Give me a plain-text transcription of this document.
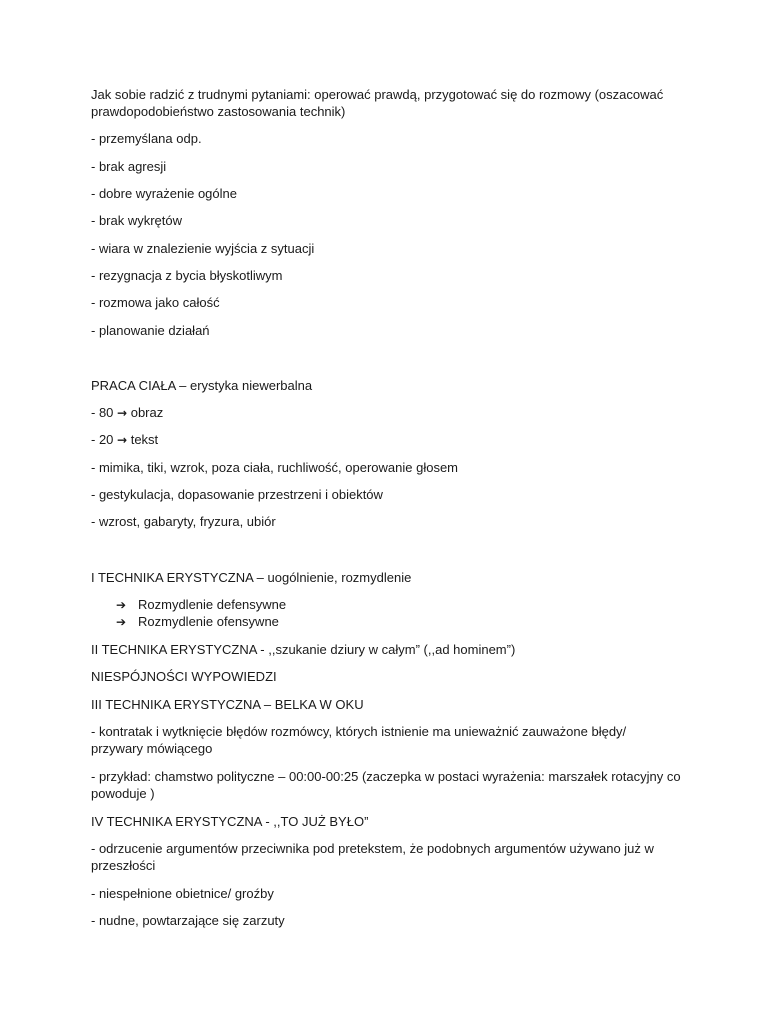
Jak sobie radzić z trudnymi pytaniami: operować prawdą, przygotować się do rozmowy (oszacować
prawdopodobieństwo zastosowania technik)
- przemyślana odp.
- brak agresji
- dobre wyrażenie ogólne
- brak wykrętów
- wiara w znalezienie wyjścia z sytuacji
- rezygnacja z bycia błyskotliwym
- rozmowa jako całość
- planowanie działań
PRACA CIAŁA – erystyka niewerbalna
- 80 → obraz
- 20 → tekst
- mimika, tiki, wzrok, poza ciała, ruchliwość, operowanie głosem
- gestykulacja, dopasowanie przestrzeni i obiektów
- wzrost, gabaryty, fryzura, ubiór
I TECHNIKA ERYSTYCZNA – uogólnienie, rozmydlenie
➔ Rozmydlenie defensywne
➔ Rozmydlenie ofensywne
II TECHNIKA ERYSTYCZNA - ,,szukanie dziury w całym” (,,ad hominem”)
NIESPÓJNOŚCI WYPOWIEDZI
III TECHNIKA ERYSTYCZNA – BELKA W OKU
- kontratak i wytknięcie błędów rozmówcy, których istnienie ma unieważnić zauważone błędy/
przywary mówiącego
- przykład: chamstwo polityczne – 00:00-00:25 (zaczepka w postaci wyrażenia: marszałek rotacyjny co
powoduje )
IV TECHNIKA ERYSTYCZNA - ,,TO JUŻ BYŁO”
- odrzucenie argumentów przeciwnika pod pretekstem, że podobnych argumentów używano już w
przeszłości
- niespełnione obietnice/ groźby
- nudne, powtarzające się zarzuty
